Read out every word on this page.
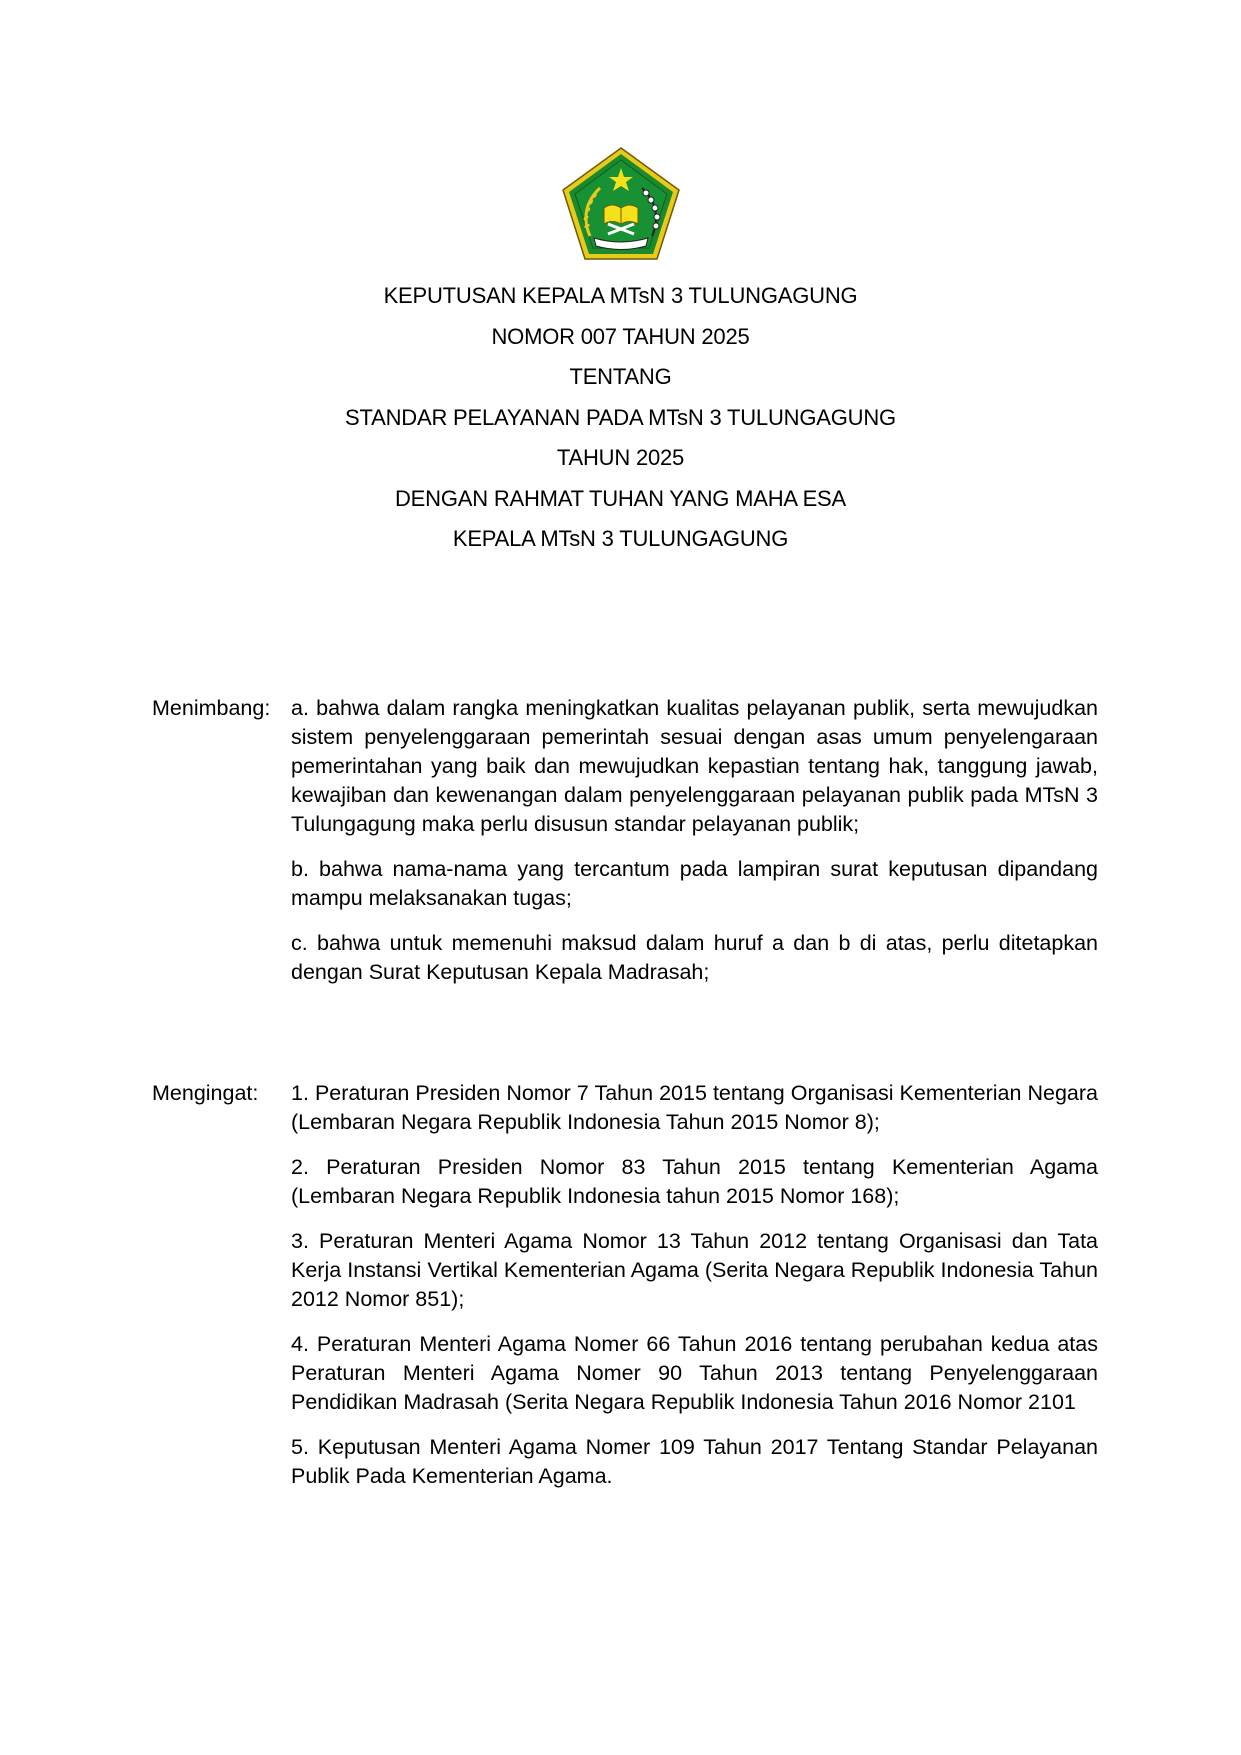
KEPUTUSAN KEPALA MTsN 3 TULUNGAGUNG
NOMOR 007 TAHUN 2025
TENTANG
STANDAR PELAYANAN PADA MTsN 3 TULUNGAGUNG
TAHUN 2025
DENGAN RAHMAT TUHAN YANG MAHA ESA
KEPALA MTsN 3 TULUNGAGUNG
Menimbang: a. bahwa dalam rangka meningkatkan kualitas pelayanan publik, serta mewujudkan sistem penyelenggaraan pemerintah sesuai dengan asas umum penyelengaraan pemerintahan yang baik dan mewujudkan kepastian tentang hak, tanggung jawab, kewajiban dan kewenangan dalam penyelenggaraan pelayanan publik pada MTsN 3 Tulungagung maka perlu disusun standar pelayanan publik;

b. bahwa nama-nama yang tercantum pada lampiran surat keputusan dipandang mampu melaksanakan tugas;

c. bahwa untuk memenuhi maksud dalam huruf a dan b di atas, perlu ditetapkan dengan Surat Keputusan Kepala Madrasah;

Mengingat: 1. Peraturan Presiden Nomor 7 Tahun 2015 tentang Organisasi Kementerian Negara (Lembaran Negara Republik Indonesia Tahun 2015 Nomor 8);

2. Peraturan Presiden Nomor 83 Tahun 2015 tentang Kementerian Agama (Lembaran Negara Republik Indonesia tahun 2015 Nomor 168);

3. Peraturan Menteri Agama Nomor 13 Tahun 2012 tentang Organisasi dan Tata Kerja Instansi Vertikal Kementerian Agama (Serita Negara Republik Indonesia Tahun 2012 Nomor 851);

4. Peraturan Menteri Agama Nomer 66 Tahun 2016 tentang perubahan kedua atas Peraturan Menteri Agama Nomer 90 Tahun 2013 tentang Penyelenggaraan Pendidikan Madrasah (Serita Negara Republik Indonesia Tahun 2016 Nomor 2101

5. Keputusan Menteri Agama Nomer 109 Tahun 2017 Tentang Standar Pelayanan Publik Pada Kementerian Agama.
